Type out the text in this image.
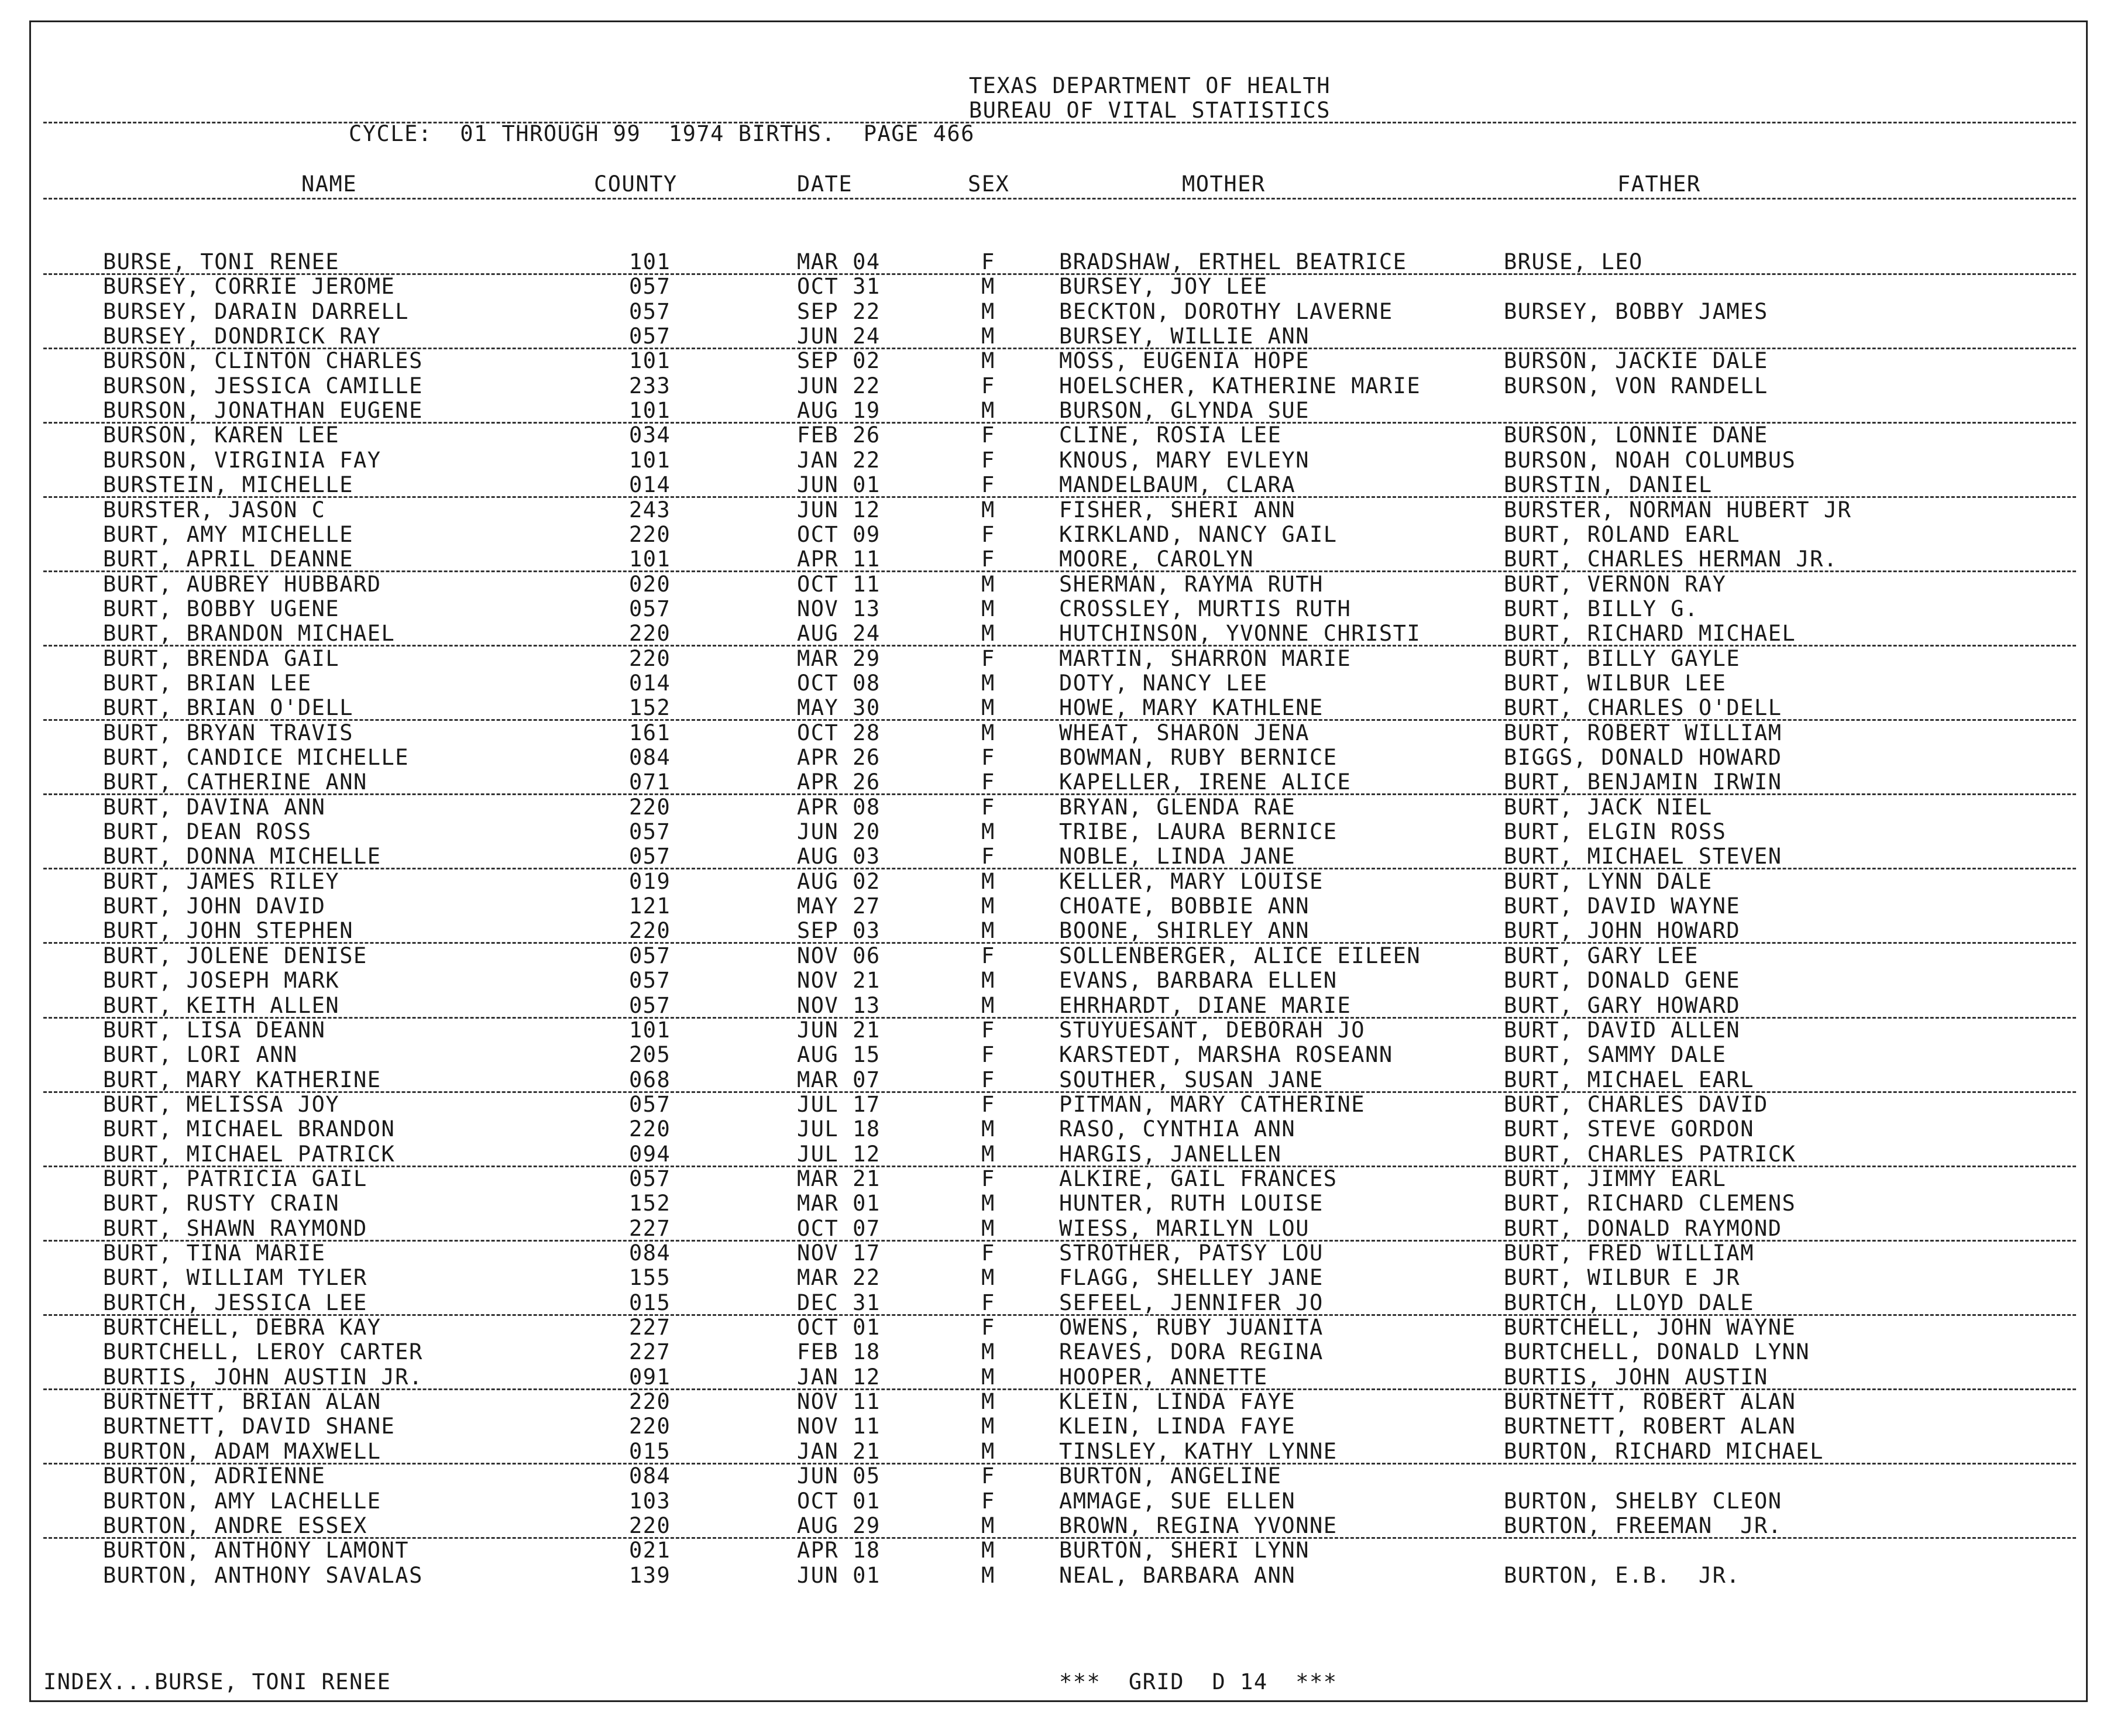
TEXAS DEPARTMENT OF HEALTH
BUREAU OF VITAL STATISTICS
CYCLE:  01 THROUGH 99  1974 BIRTHS.  PAGE 466
NAME	COUNTY	DATE	SEX	MOTHER	FATHER
BURSE, TONI RENEE	101	MAR 04	F	BRADSHAW, ERTHEL BEATRICE	BRUSE, LEO
BURSEY, CORRIE JEROME	057	OCT 31	M	BURSEY, JOY LEE
BURSEY, DARAIN DARRELL	057	SEP 22	M	BECKTON, DOROTHY LAVERNE	BURSEY, BOBBY JAMES
BURSEY, DONDRICK RAY	057	JUN 24	M	BURSEY, WILLIE ANN
BURSON, CLINTON CHARLES	101	SEP 02	M	MOSS, EUGENIA HOPE	BURSON, JACKIE DALE
BURSON, JESSICA CAMILLE	233	JUN 22	F	HOELSCHER, KATHERINE MARIE	BURSON, VON RANDELL
BURSON, JONATHAN EUGENE	101	AUG 19	M	BURSON, GLYNDA SUE
BURSON, KAREN LEE	034	FEB 26	F	CLINE, ROSIA LEE	BURSON, LONNIE DANE
BURSON, VIRGINIA FAY	101	JAN 22	F	KNOUS, MARY EVLEYN	BURSON, NOAH COLUMBUS
BURSTEIN, MICHELLE	014	JUN 01	F	MANDELBAUM, CLARA	BURSTIN, DANIEL
BURSTER, JASON C	243	JUN 12	M	FISHER, SHERI ANN	BURSTER, NORMAN HUBERT JR
BURT, AMY MICHELLE	220	OCT 09	F	KIRKLAND, NANCY GAIL	BURT, ROLAND EARL
BURT, APRIL DEANNE	101	APR 11	F	MOORE, CAROLYN	BURT, CHARLES HERMAN JR.
BURT, AUBREY HUBBARD	020	OCT 11	M	SHERMAN, RAYMA RUTH	BURT, VERNON RAY
BURT, BOBBY UGENE	057	NOV 13	M	CROSSLEY, MURTIS RUTH	BURT, BILLY G.
BURT, BRANDON MICHAEL	220	AUG 24	M	HUTCHINSON, YVONNE CHRISTI	BURT, RICHARD MICHAEL
BURT, BRENDA GAIL	220	MAR 29	F	MARTIN, SHARRON MARIE	BURT, BILLY GAYLE
BURT, BRIAN LEE	014	OCT 08	M	DOTY, NANCY LEE	BURT, WILBUR LEE
BURT, BRIAN O'DELL	152	MAY 30	M	HOWE, MARY KATHLENE	BURT, CHARLES O'DELL
BURT, BRYAN TRAVIS	161	OCT 28	M	WHEAT, SHARON JENA	BURT, ROBERT WILLIAM
BURT, CANDICE MICHELLE	084	APR 26	F	BOWMAN, RUBY BERNICE	BIGGS, DONALD HOWARD
BURT, CATHERINE ANN	071	APR 26	F	KAPELLER, IRENE ALICE	BURT, BENJAMIN IRWIN
BURT, DAVINA ANN	220	APR 08	F	BRYAN, GLENDA RAE	BURT, JACK NIEL
BURT, DEAN ROSS	057	JUN 20	M	TRIBE, LAURA BERNICE	BURT, ELGIN ROSS
BURT, DONNA MICHELLE	057	AUG 03	F	NOBLE, LINDA JANE	BURT, MICHAEL STEVEN
BURT, JAMES RILEY	019	AUG 02	M	KELLER, MARY LOUISE	BURT, LYNN DALE
BURT, JOHN DAVID	121	MAY 27	M	CHOATE, BOBBIE ANN	BURT, DAVID WAYNE
BURT, JOHN STEPHEN	220	SEP 03	M	BOONE, SHIRLEY ANN	BURT, JOHN HOWARD
BURT, JOLENE DENISE	057	NOV 06	F	SOLLENBERGER, ALICE EILEEN	BURT, GARY LEE
BURT, JOSEPH MARK	057	NOV 21	M	EVANS, BARBARA ELLEN	BURT, DONALD GENE
BURT, KEITH ALLEN	057	NOV 13	M	EHRHARDT, DIANE MARIE	BURT, GARY HOWARD
BURT, LISA DEANN	101	JUN 21	F	STUYUESANT, DEBORAH JO	BURT, DAVID ALLEN
BURT, LORI ANN	205	AUG 15	F	KARSTEDT, MARSHA ROSEANN	BURT, SAMMY DALE
BURT, MARY KATHERINE	068	MAR 07	F	SOUTHER, SUSAN JANE	BURT, MICHAEL EARL
BURT, MELISSA JOY	057	JUL 17	F	PITMAN, MARY CATHERINE	BURT, CHARLES DAVID
BURT, MICHAEL BRANDON	220	JUL 18	M	RASO, CYNTHIA ANN	BURT, STEVE GORDON
BURT, MICHAEL PATRICK	094	JUL 12	M	HARGIS, JANELLEN	BURT, CHARLES PATRICK
BURT, PATRICIA GAIL	057	MAR 21	F	ALKIRE, GAIL FRANCES	BURT, JIMMY EARL
BURT, RUSTY CRAIN	152	MAR 01	M	HUNTER, RUTH LOUISE	BURT, RICHARD CLEMENS
BURT, SHAWN RAYMOND	227	OCT 07	M	WIESS, MARILYN LOU	BURT, DONALD RAYMOND
BURT, TINA MARIE	084	NOV 17	F	STROTHER, PATSY LOU	BURT, FRED WILLIAM
BURT, WILLIAM TYLER	155	MAR 22	M	FLAGG, SHELLEY JANE	BURT, WILBUR E JR
BURTCH, JESSICA LEE	015	DEC 31	F	SEFEEL, JENNIFER JO	BURTCH, LLOYD DALE
BURTCHELL, DEBRA KAY	227	OCT 01	F	OWENS, RUBY JUANITA	BURTCHELL, JOHN WAYNE
BURTCHELL, LEROY CARTER	227	FEB 18	M	REAVES, DORA REGINA	BURTCHELL, DONALD LYNN
BURTIS, JOHN AUSTIN JR.	091	JAN 12	M	HOOPER, ANNETTE	BURTIS, JOHN AUSTIN
BURTNETT, BRIAN ALAN	220	NOV 11	M	KLEIN, LINDA FAYE	BURTNETT, ROBERT ALAN
BURTNETT, DAVID SHANE	220	NOV 11	M	KLEIN, LINDA FAYE	BURTNETT, ROBERT ALAN
BURTON, ADAM MAXWELL	015	JAN 21	M	TINSLEY, KATHY LYNNE	BURTON, RICHARD MICHAEL
BURTON, ADRIENNE	084	JUN 05	F	BURTON, ANGELINE
BURTON, AMY LACHELLE	103	OCT 01	F	AMMAGE, SUE ELLEN	BURTON, SHELBY CLEON
BURTON, ANDRE ESSEX	220	AUG 29	M	BROWN, REGINA YVONNE	BURTON, FREEMAN  JR.
BURTON, ANTHONY LAMONT	021	APR 18	M	BURTON, SHERI LYNN
BURTON, ANTHONY SAVALAS	139	JUN 01	M	NEAL, BARBARA ANN	BURTON, E.B.  JR.
INDEX...BURSE, TONI RENEE	***  GRID  D 14  ***
